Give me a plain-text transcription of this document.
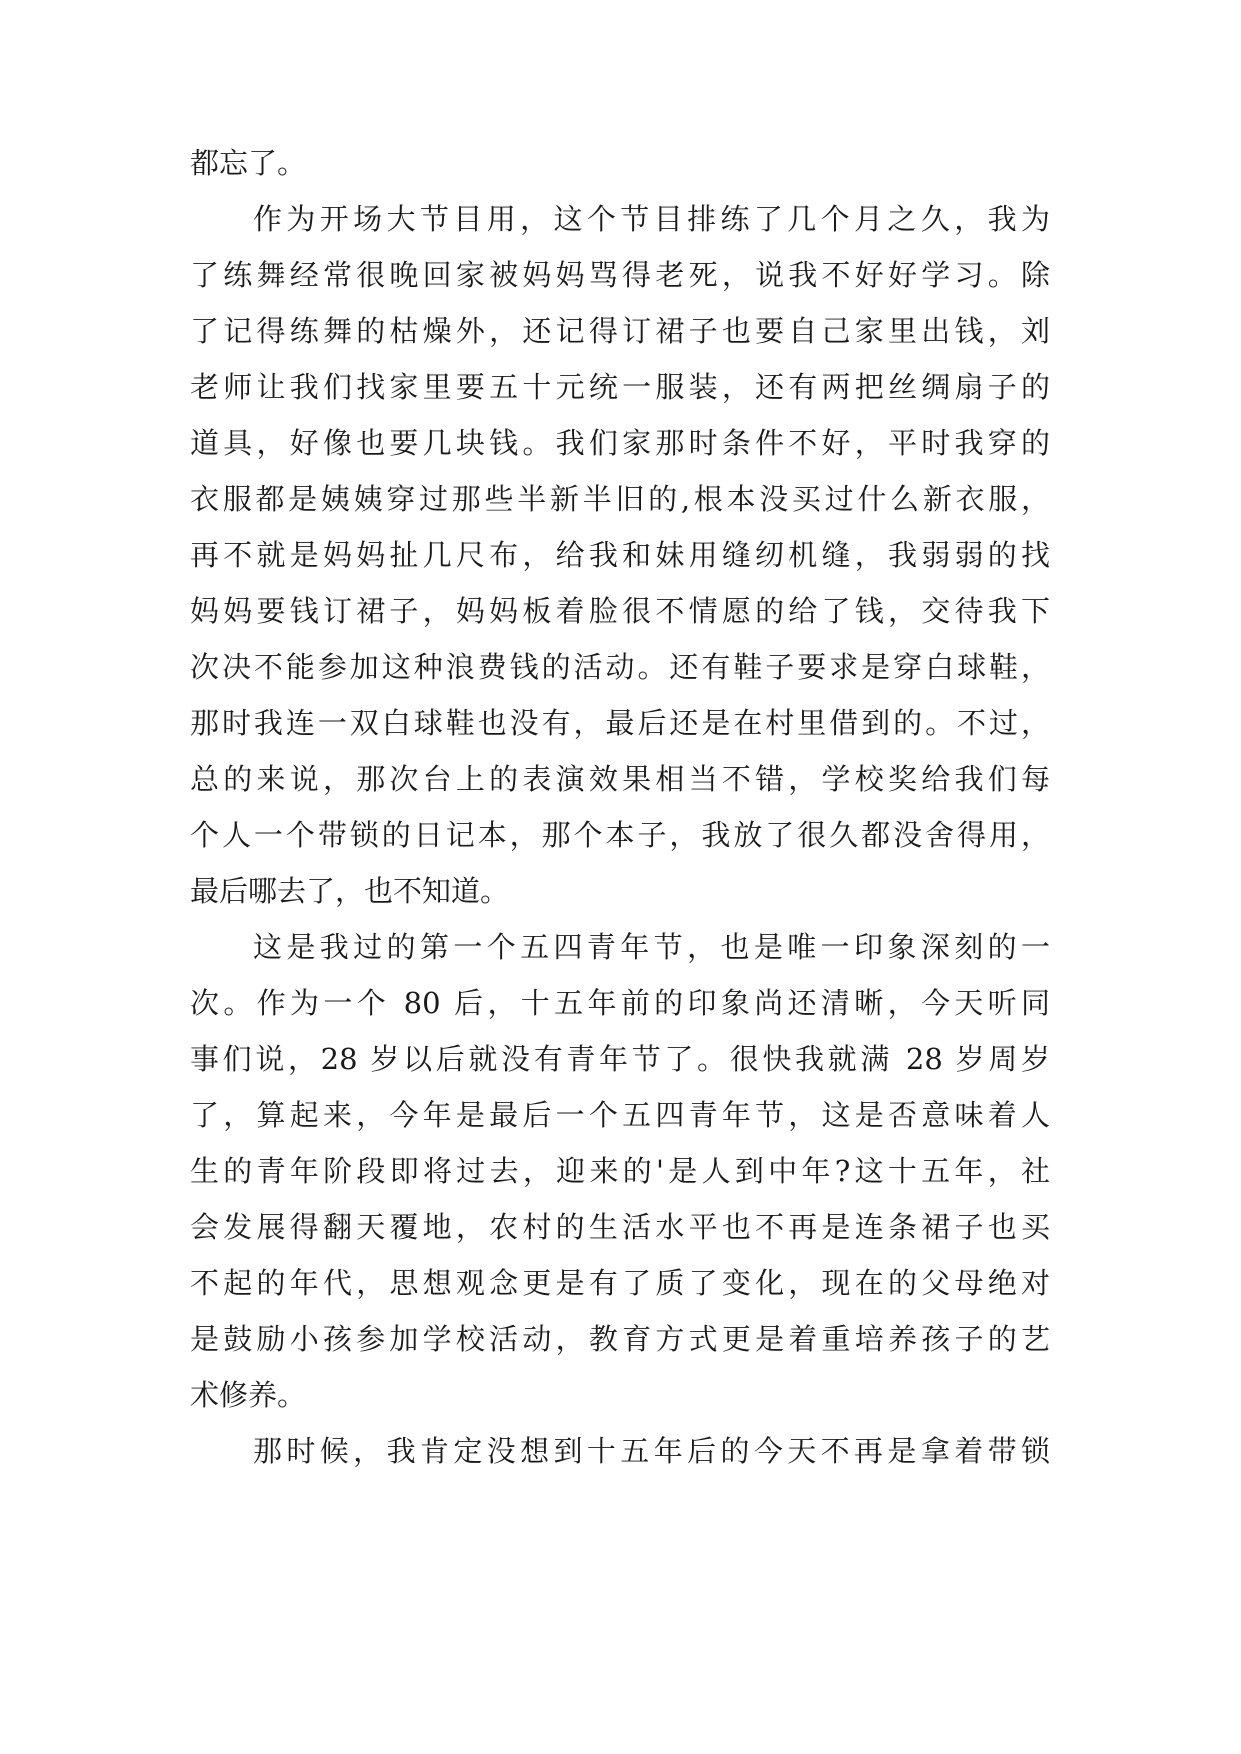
都忘了。
作为开场大节目用，这个节目排练了几个月之久，我为
了练舞经常很晚回家被妈妈骂得老死，说我不好好学习。除
了记得练舞的枯燥外，还记得订裙子也要自己家里出钱，刘
老师让我们找家里要五十元统一服装，还有两把丝绸扇子的
道具，好像也要几块钱。我们家那时条件不好，平时我穿的
衣服都是姨姨穿过那些半新半旧的,根本没买过什么新衣服，
再不就是妈妈扯几尺布，给我和妹用缝纫机缝，我弱弱的找
妈妈要钱订裙子，妈妈板着脸很不情愿的给了钱，交待我下
次决不能参加这种浪费钱的活动。还有鞋子要求是穿白球鞋，
那时我连一双白球鞋也没有，最后还是在村里借到的。不过，
总的来说，那次台上的表演效果相当不错，学校奖给我们每
个人一个带锁的日记本，那个本子，我放了很久都没舍得用，
最后哪去了，也不知道。
这是我过的第一个五四青年节，也是唯一印象深刻的一
次。作为一个 80 后，十五年前的印象尚还清晰，今天听同
事们说，28 岁以后就没有青年节了。很快我就满 28 岁周岁
了，算起来，今年是最后一个五四青年节，这是否意味着人
生的青年阶段即将过去，迎来的'是人到中年?这十五年，社
会发展得翻天覆地，农村的生活水平也不再是连条裙子也买
不起的年代，思想观念更是有了质了变化，现在的父母绝对
是鼓励小孩参加学校活动，教育方式更是着重培养孩子的艺
术修养。
那时候，我肯定没想到十五年后的今天不再是拿着带锁
